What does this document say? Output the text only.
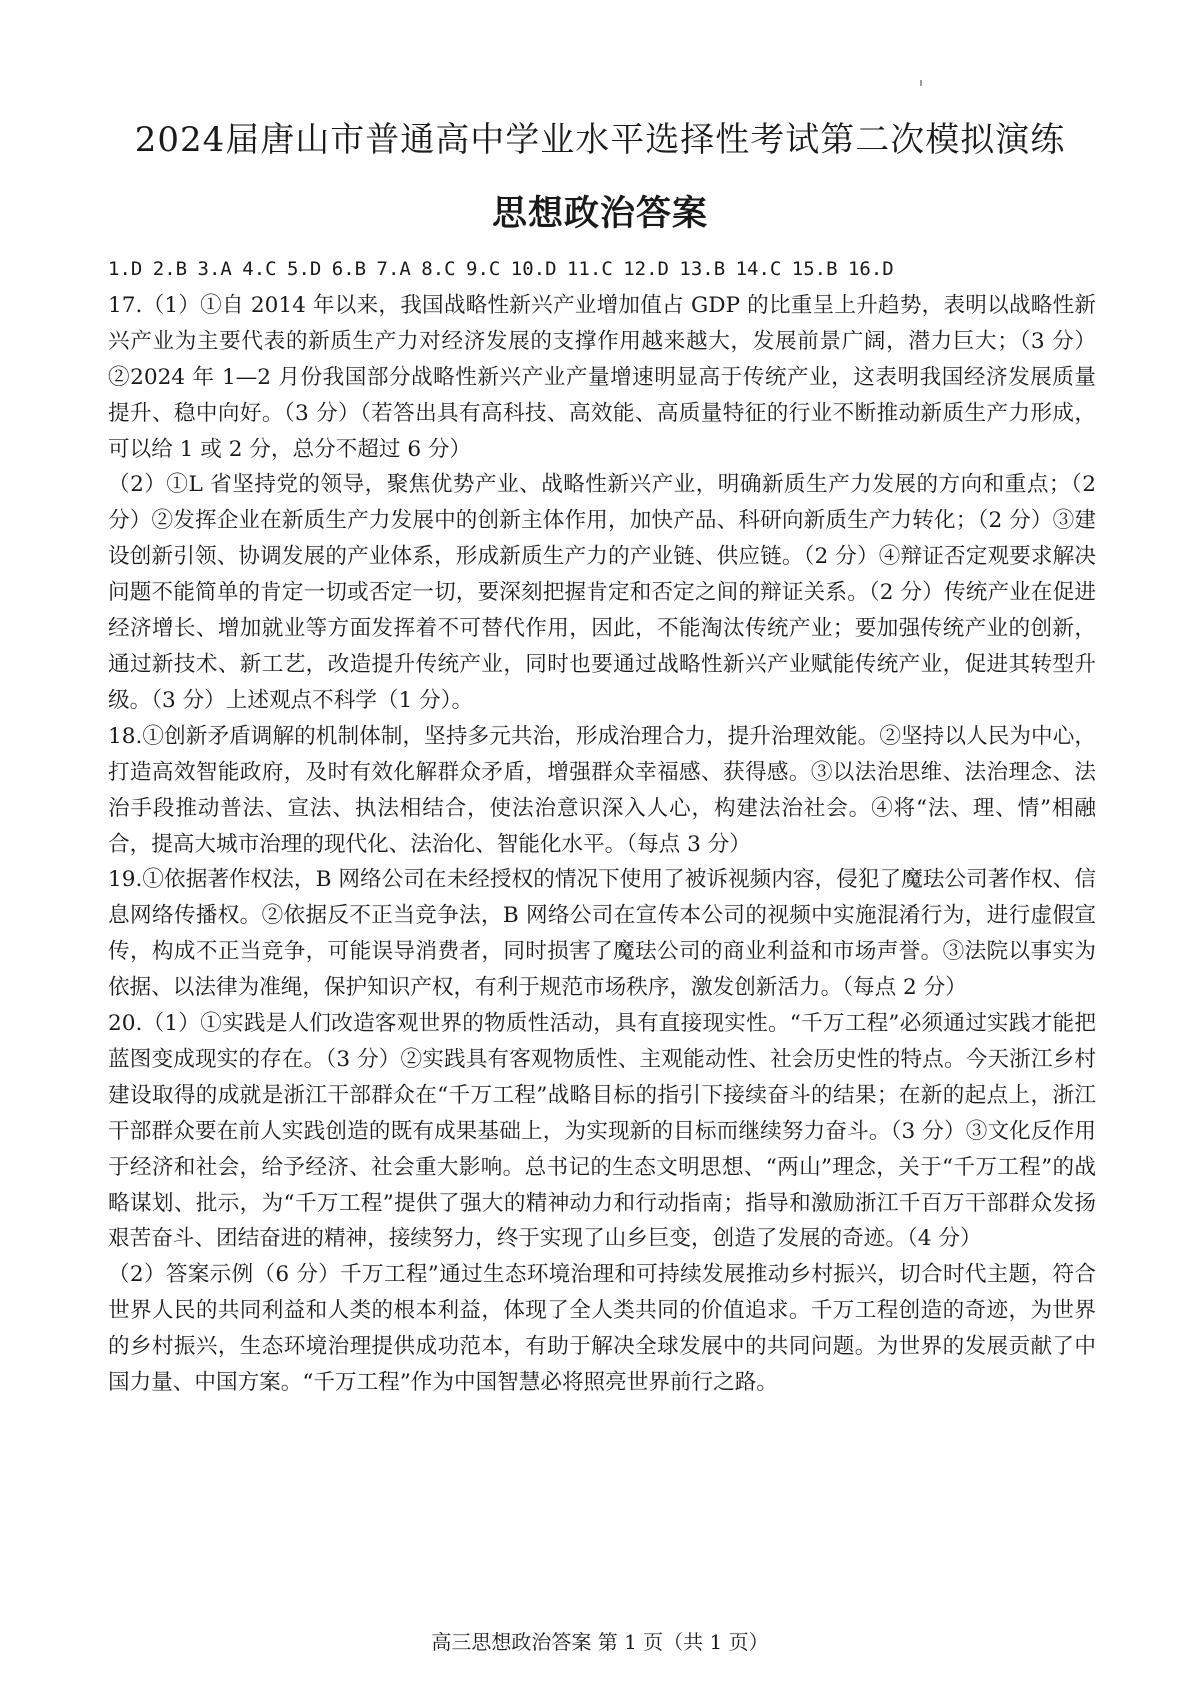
2024届唐山市普通高中学业水平选择性考试第二次模拟演练
思想政治答案

1.D 2.B 3.A 4.C 5.D 6.B 7.A 8.C 9.C 10.D 11.C 12.D 13.B 14.C 15.B 16.D

17.（1）①自 2014 年以来，我国战略性新兴产业增加值占 GDP 的比重呈上升趋势，表明以战略性新兴产业为主要代表的新质生产力对经济发展的支撑作用越来越大，发展前景广阔，潜力巨大；（3 分）②2024 年 1—2 月份我国部分战略性新兴产业产量增速明显高于传统产业，这表明我国经济发展质量提升、稳中向好。（3 分）（若答出具有高科技、高效能、高质量特征的行业不断推动新质生产力形成，可以给 1 或 2 分，总分不超过 6 分）

（2）①L 省坚持党的领导，聚焦优势产业、战略性新兴产业，明确新质生产力发展的方向和重点；（2 分）②发挥企业在新质生产力发展中的创新主体作用，加快产品、科研向新质生产力转化；（2 分）③建设创新引领、协调发展的产业体系，形成新质生产力的产业链、供应链。（2 分）④辩证否定观要求解决问题不能简单的肯定一切或否定一切，要深刻把握肯定和否定之间的辩证关系。（2 分）传统产业在促进经济增长、增加就业等方面发挥着不可替代作用，因此，不能淘汰传统产业；要加强传统产业的创新，通过新技术、新工艺，改造提升传统产业，同时也要通过战略性新兴产业赋能传统产业，促进其转型升级。（3 分）上述观点不科学（1 分）。

18.①创新矛盾调解的机制体制，坚持多元共治，形成治理合力，提升治理效能。②坚持以人民为中心，打造高效智能政府，及时有效化解群众矛盾，增强群众幸福感、获得感。③以法治思维、法治理念、法治手段推动普法、宣法、执法相结合，使法治意识深入人心，构建法治社会。④将“法、理、情”相融合，提高大城市治理的现代化、法治化、智能化水平。（每点 3 分）

19.①依据著作权法，B 网络公司在未经授权的情况下使用了被诉视频内容，侵犯了魔珐公司著作权、信息网络传播权。②依据反不正当竞争法，B 网络公司在宣传本公司的视频中实施混淆行为，进行虚假宣传，构成不正当竞争，可能误导消费者，同时损害了魔珐公司的商业利益和市场声誉。③法院以事实为依据、以法律为准绳，保护知识产权，有利于规范市场秩序，激发创新活力。（每点 2 分）

20.（1）①实践是人们改造客观世界的物质性活动，具有直接现实性。“千万工程”必须通过实践才能把蓝图变成现实的存在。（3 分）②实践具有客观物质性、主观能动性、社会历史性的特点。今天浙江乡村建设取得的成就是浙江干部群众在“千万工程”战略目标的指引下接续奋斗的结果；在新的起点上，浙江干部群众要在前人实践创造的既有成果基础上，为实现新的目标而继续努力奋斗。（3 分）③文化反作用于经济和社会，给予经济、社会重大影响。总书记的生态文明思想、“两山”理念，关于“千万工程”的战略谋划、批示，为“千万工程”提供了强大的精神动力和行动指南；指导和激励浙江千百万干部群众发扬艰苦奋斗、团结奋进的精神，接续努力，终于实现了山乡巨变，创造了发展的奇迹。（4 分）

（2）答案示例（6 分）千万工程”通过生态环境治理和可持续发展推动乡村振兴，切合时代主题，符合世界人民的共同利益和人类的根本利益，体现了全人类共同的价值追求。千万工程创造的奇迹，为世界的乡村振兴，生态环境治理提供成功范本，有助于解决全球发展中的共同问题。为世界的发展贡献了中国力量、中国方案。“千万工程”作为中国智慧必将照亮世界前行之路。

高三思想政治答案 第 1 页（共 1 页）
